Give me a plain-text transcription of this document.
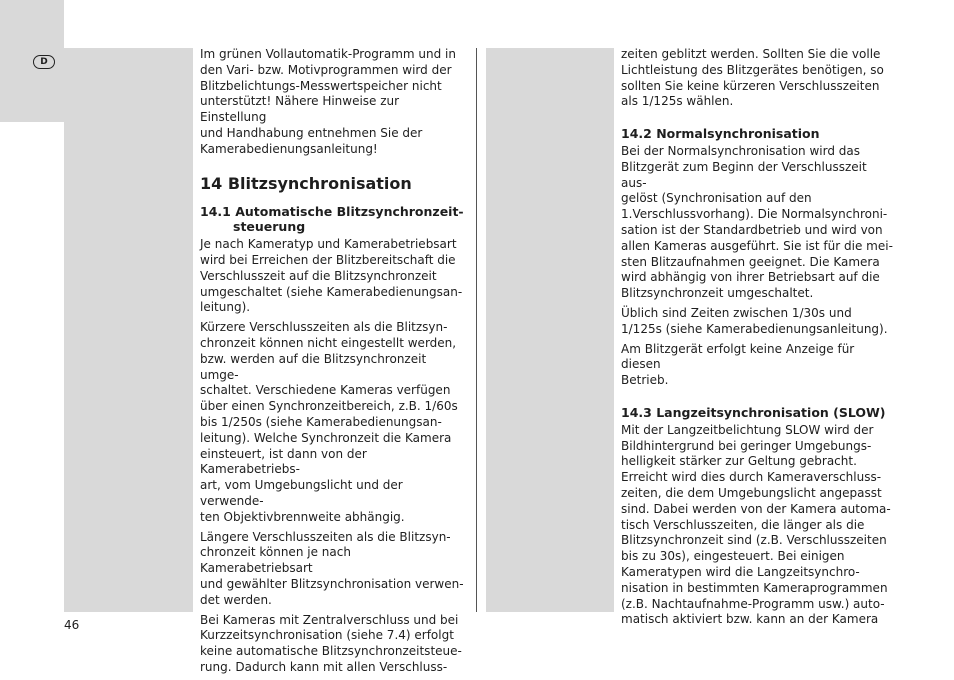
D

Im grünen Vollautomatik-Programm und in
den Vari- bzw. Motivprogrammen wird der
Blitzbelichtungs-Messwertspeicher nicht
unterstützt! Nähere Hinweise zur Einstellung
und Handhabung entnehmen Sie der
Kamerabedienungsanleitung!

14 Blitzsynchronisation
14.1 Automatische Blitzsynchronzeit-
steuerung

Je nach Kameratyp und Kamerabetriebsart
wird bei Erreichen der Blitzbereitschaft die
Verschlusszeit auf die Blitzsynchronzeit
umgeschaltet (siehe Kamerabedienungsan-
leitung).

Kürzere Verschlusszeiten als die Blitzsyn-
chronzeit können nicht eingestellt werden,
bzw. werden auf die Blitzsynchronzeit umge-
schaltet. Verschiedene Kameras verfügen
über einen Synchronzeitbereich, z.B. 1/60s
bis 1/250s (siehe Kamerabedienungsan-
leitung). Welche Synchronzeit die Kamera
einsteuert, ist dann von der Kamerabetriebs-
art, vom Umgebungslicht und der verwende-
ten Objektivbrennweite abhängig.

Längere Verschlusszeiten als die Blitzsyn-
chronzeit können je nach Kamerabetriebsart
und gewählter Blitzsynchronisation verwen-
det werden.

Bei Kameras mit Zentralverschluss und bei
Kurzzeitsynchronisation (siehe 7.4) erfolgt
keine automatische Blitzsynchronzeitsteue-
rung. Dadurch kann mit allen Verschluss-

zeiten geblitzt werden. Sollten Sie die volle
Lichtleistung des Blitzgerätes benötigen, so
sollten Sie keine kürzeren Verschlusszeiten
als 1/125s wählen.

14.2 Normalsynchronisation

Bei der Normalsynchronisation wird das
Blitzgerät zum Beginn der Verschlusszeit aus-
gelöst (Synchronisation auf den
1.Verschlussvorhang). Die Normalsynchroni-
sation ist der Standardbetrieb und wird von
allen Kameras ausgeführt. Sie ist für die mei-
sten Blitzaufnahmen geeignet. Die Kamera
wird abhängig von ihrer Betriebsart auf die
Blitzsynchronzeit umgeschaltet.

Üblich sind Zeiten zwischen 1/30s und
1/125s (siehe Kamerabedienungsanleitung).

Am Blitzgerät erfolgt keine Anzeige für diesen
Betrieb.

14.3 Langzeitsynchronisation (SLOW)

Mit der Langzeitbelichtung SLOW wird der
Bildhintergrund bei geringer Umgebungs-
helligkeit stärker zur Geltung gebracht.
Erreicht wird dies durch Kameraverschluss-
zeiten, die dem Umgebungslicht angepasst
sind. Dabei werden von der Kamera automa-
tisch Verschlusszeiten, die länger als die
Blitzsynchronzeit sind (z.B. Verschlusszeiten
bis zu 30s), eingesteuert. Bei einigen
Kameratypen wird die Langzeitsynchro-
nisation in bestimmten Kameraprogrammen
(z.B. Nachtaufnahme-Programm usw.) auto-
matisch aktiviert bzw. kann an der Kamera

46
